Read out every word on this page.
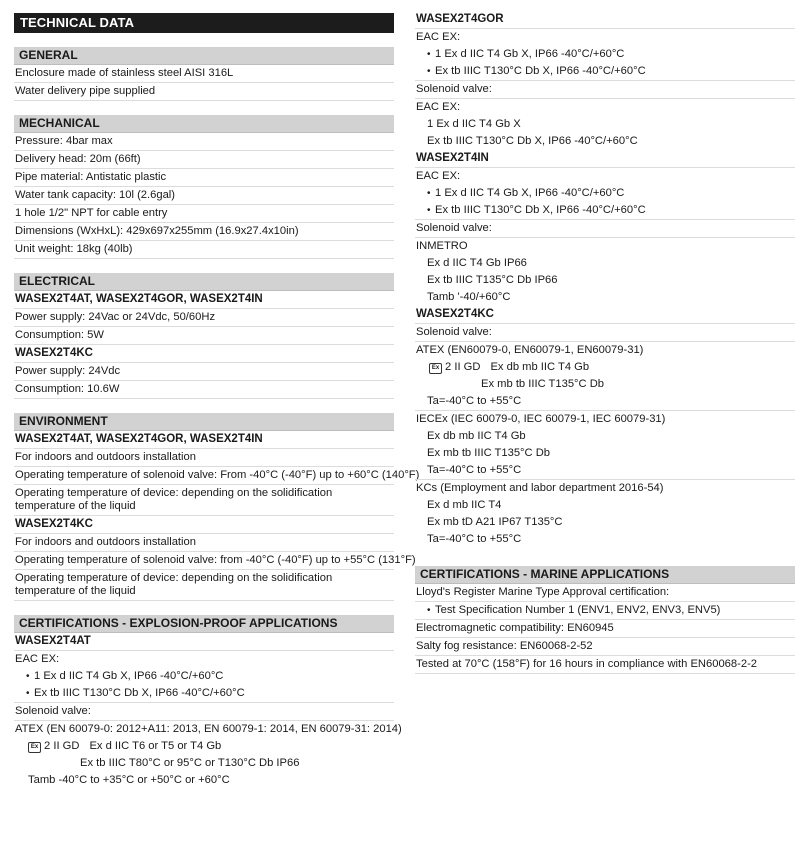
TECHNICAL DATA
GENERAL
Enclosure made of stainless steel AISI 316L
Water delivery pipe supplied
MECHANICAL
Pressure: 4bar max
Delivery head: 20m (66ft)
Pipe material: Antistatic plastic
Water tank capacity: 10l (2.6gal)
1 hole 1/2" NPT for cable entry
Dimensions (WxHxL): 429x697x255mm (16.9x27.4x10in)
Unit weight: 18kg (40lb)
ELECTRICAL
WASEX2T4AT, WASEX2T4GOR, WASEX2T4IN
Power supply: 24Vac or 24Vdc, 50/60Hz
Consumption: 5W
WASEX2T4KC
Power supply: 24Vdc
Consumption: 10.6W
ENVIRONMENT
WASEX2T4AT, WASEX2T4GOR, WASEX2T4IN
For indoors and outdoors installation
Operating temperature of solenoid valve: From -40°C (-40°F) up to +60°C (140°F)
Operating temperature of device: depending on the solidification temperature of the liquid
WASEX2T4KC
For indoors and outdoors installation
Operating temperature of solenoid valve: from -40°C (-40°F) up to +55°C (131°F)
Operating temperature of device: depending on the solidification temperature of the liquid
CERTIFICATIONS - EXPLOSION-PROOF APPLICATIONS
WASEX2T4AT
EAC EX:
• 1 Ex d IIC T4 Gb X, IP66 -40°C/+60°C
• Ex tb IIIC T130°C Db X, IP66 -40°C/+60°C
Solenoid valve:
ATEX (EN 60079-0: 2012+A11: 2013, EN 60079-1: 2014, EN 60079-31: 2014)
Ex 2 II GD Ex d IIC T6 or T5 or T4 Gb
Ex tb IIIC T80°C or 95°C or T130°C Db IP66
Tamb -40°C to +35°C or +50°C or +60°C
WASEX2T4GOR
EAC EX:
• 1 Ex d IIC T4 Gb X, IP66 -40°C/+60°C
• Ex tb IIIC T130°C Db X, IP66 -40°C/+60°C
Solenoid valve:
EAC EX:
1 Ex d IIC T4 Gb X
Ex tb IIIC T130°C Db X, IP66 -40°C/+60°C
WASEX2T4IN
EAC EX:
• 1 Ex d IIC T4 Gb X, IP66 -40°C/+60°C
• Ex tb IIIC T130°C Db X, IP66 -40°C/+60°C
Solenoid valve:
INMETRO
Ex d IIC T4 Gb IP66
Ex tb IIIC T135°C Db IP66
Tamb '-40/+60°C
WASEX2T4KC
Solenoid valve:
ATEX (EN60079-0, EN60079-1, EN60079-31)
Ex 2 II GD Ex db mb IIC T4 Gb
Ex mb tb IIIC T135°C Db
Ta=-40°C to +55°C
IECEx (IEC 60079-0, IEC 60079-1, IEC 60079-31)
Ex db mb IIC T4 Gb
Ex mb tb IIIC T135°C Db
Ta=-40°C to +55°C
KCs (Employment and labor department 2016-54)
Ex d mb IIC T4
Ex mb tD A21 IP67 T135°C
Ta=-40°C to +55°C
CERTIFICATIONS - MARINE APPLICATIONS
Lloyd's Register Marine Type Approval certification:
• Test Specification Number 1 (ENV1, ENV2, ENV3, ENV5)
Electromagnetic compatibility: EN60945
Salty fog resistance: EN60068-2-52
Tested at 70°C (158°F) for 16 hours in compliance with EN60068-2-2
